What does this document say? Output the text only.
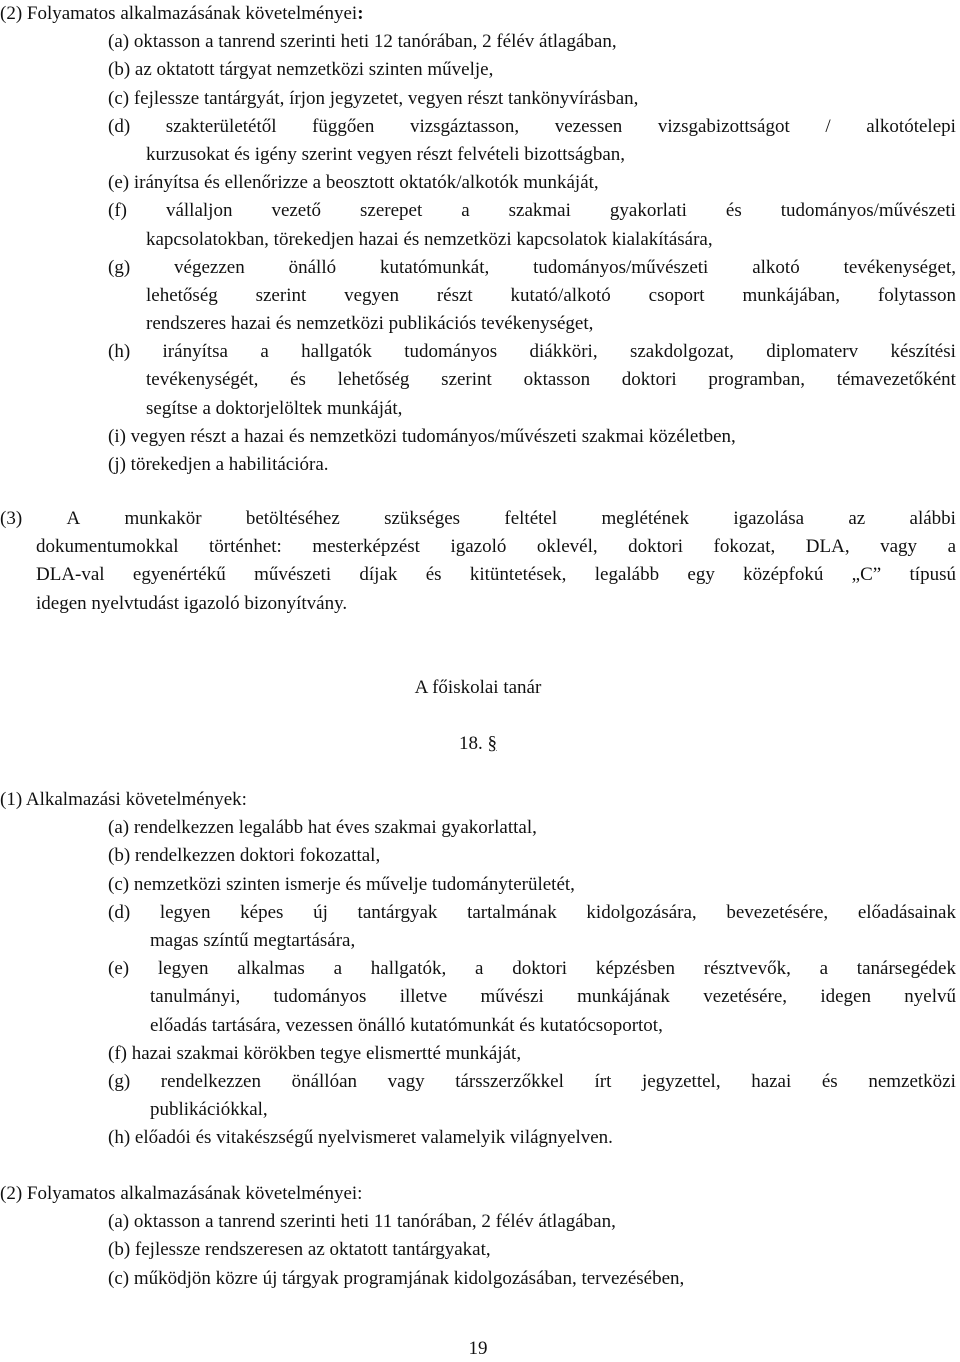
(2) Folyamatos alkalmazásának követelményei:
(a) oktasson a tanrend szerinti heti 12 tanórában, 2 félév átlagában,
(b) az oktatott tárgyat nemzetközi szinten művelje,
(c) fejlessze tantárgyát, írjon jegyzetet, vegyen részt tankönyvírásban,
(d) szakterületétől függően vizsgáztasson, vezessen vizsgabizottságot / alkotótelepi
kurzusokat és igény szerint vegyen részt felvételi bizottságban,
(e) irányítsa és ellenőrizze a beosztott oktatók/alkotók munkáját,
(f) vállaljon vezető szerepet a szakmai gyakorlati és tudományos/művészeti
kapcsolatokban, törekedjen hazai és nemzetközi kapcsolatok kialakítására,
(g) végezzen önálló kutatómunkát, tudományos/művészeti alkotó tevékenységet,
lehetőség szerint vegyen részt kutató/alkotó csoport munkájában, folytasson
rendszeres hazai és nemzetközi publikációs tevékenységet,
(h) irányítsa a hallgatók tudományos diákköri, szakdolgozat, diplomaterv készítési
tevékenységét, és lehetőség szerint oktasson doktori programban, témavezetőként
segítse a doktorjelöltek munkáját,
(i) vegyen részt a hazai és nemzetközi tudományos/művészeti szakmai közéletben,
(j) törekedjen a habilitációra.
(3) A munkakör betöltéséhez szükséges feltétel meglétének igazolása az alábbi
dokumentumokkal történhet: mesterképzést igazoló oklevél, doktori fokozat, DLA, vagy a
DLA-val egyenértékű művészeti díjak és kitüntetések, legalább egy középfokú „C” típusú
idegen nyelvtudást igazoló bizonyítvány.
A főiskolai tanár
18. §
(1) Alkalmazási követelmények:
(a) rendelkezzen legalább hat éves szakmai gyakorlattal,
(b) rendelkezzen doktori fokozattal,
(c) nemzetközi szinten ismerje és művelje tudományterületét,
(d) legyen képes új tantárgyak tartalmának kidolgozására, bevezetésére, előadásainak
magas színtű megtartására,
(e) legyen alkalmas a hallgatók, a doktori képzésben résztvevők, a tanársegédek
tanulmányi, tudományos illetve művészi munkájának vezetésére, idegen nyelvű
előadás tartására, vezessen önálló kutatómunkát és kutatócsoportot,
(f) hazai szakmai körökben tegye elismertté munkáját,
(g) rendelkezzen önállóan vagy társszerzőkkel írt jegyzettel, hazai és nemzetközi
publikációkkal,
(h) előadói és vitakészségű nyelvismeret valamelyik világnyelven.
(2) Folyamatos alkalmazásának követelményei:
(a) oktasson a tanrend szerinti heti 11 tanórában, 2 félév átlagában,
(b) fejlessze rendszeresen az oktatott tantárgyakat,
(c) működjön közre új tárgyak programjának kidolgozásában, tervezésében,
19
